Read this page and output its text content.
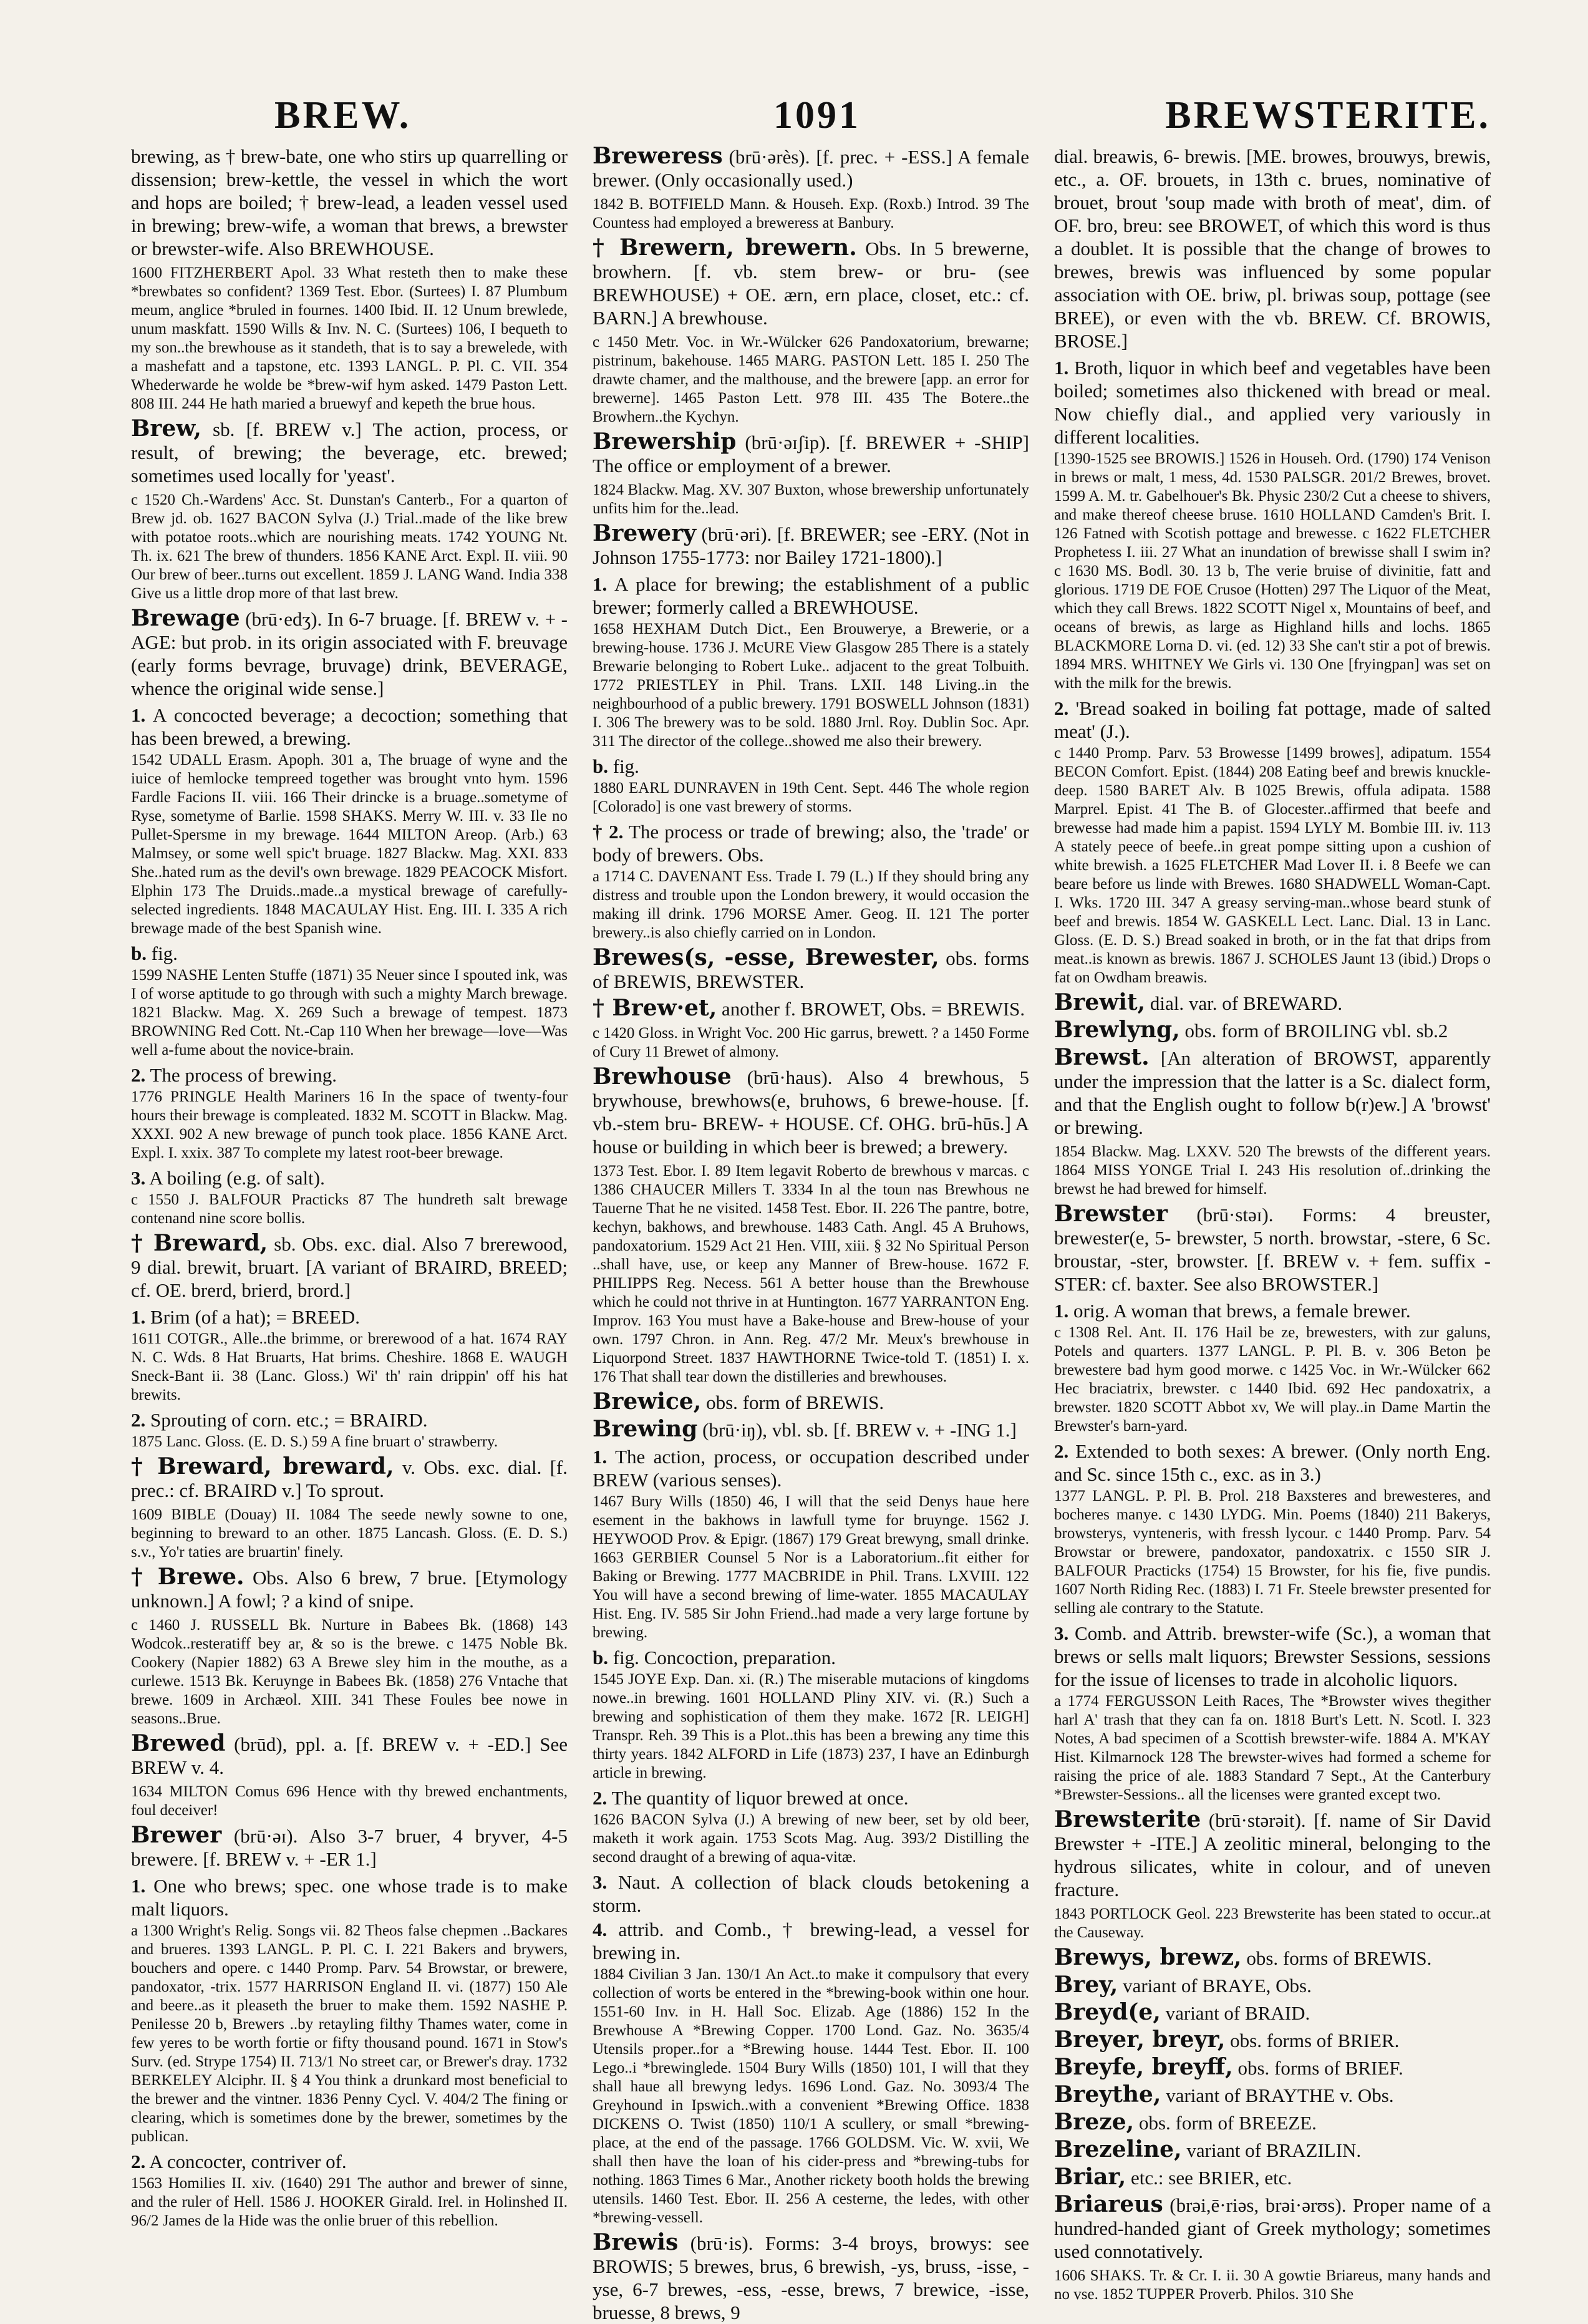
BREW.	1091	BREWSTERITE.

brewing, as † brew-bate, one who stirs up quarrelling or dissension; brew-kettle, the vessel in which the wort and hops are boiled; † brew-lead, a leaden vessel used in brewing; brew-wife, a woman that brews, a brewster or brewster-wife. Also BREWHOUSE.

1600 FITZHERBERT Apol. 33 What resteth then to make these *brewbates so confident? 1369 Test. Ebor. (Surtees) I. 87 Plumbum meum, anglice *bruled in fournes. 1400 Ibid. II. 12 Unum brewlede, unum maskfatt. 1590 Wills & Inv. N. C. (Surtees) 106, I bequeth to my son..the brewhouse as it standeth, that is to say a brewelede, with a mashefatt and a tapstone, etc. 1393 LANGL. P. Pl. C. VII. 354 Whederwarde he wolde be *brew-wif hym asked. 1479 Paston Lett. 808 III. 244 He hath maried a bruewyf and kepeth the brue hous.

Brew, sb. [f. BREW v.] The action, process, or result, of brewing; the beverage, etc. brewed; sometimes used locally for 'yeast'.

c 1520 Ch.-Wardens' Acc. St. Dunstan's Canterb., For a quarton of Brew jd. ob. 1627 BACON Sylva (J.) Trial..made of the like brew with potatoe roots..which are nourishing meats. 1742 YOUNG Nt. Th. ix. 621 The brew of thunders. 1856 KANE Arct. Expl. II. viii. 90 Our brew of beer..turns out excellent. 1859 J. LANG Wand. India 338 Give us a little drop more of that last brew.

Brewage (brū·edʒ). In 6-7 bruage. [f. BREW v. + -AGE: but prob. in its origin associated with F. breuvage (early forms bevrage, bruvage) drink, BEVERAGE, whence the original wide sense.]

1. A concocted beverage; a decoction; something that has been brewed, a brewing.

1542 UDALL Erasm. Apoph. 301 a, The bruage of wyne and the iuice of hemlocke tempreed together was brought vnto hym. 1596 Fardle Facions II. viii. 166 Their drincke is a bruage..sometyme of Ryse, sometyme of Barlie. 1598 SHAKS. Merry W. III. v. 33 Ile no Pullet-Spersme in my brewage. 1644 MILTON Areop. (Arb.) 63 Malmsey, or some well spic't bruage. 1827 Blackw. Mag. XXI. 833 She..hated rum as the devil's own brewage. 1829 PEACOCK Misfort. Elphin 173 The Druids..made..a mystical brewage of carefully-selected ingredients. 1848 MACAULAY Hist. Eng. III. I. 335 A rich brewage made of the best Spanish wine.

b. fig.

1599 NASHE Lenten Stuffe (1871) 35 Neuer since I spouted ink, was I of worse aptitude to go through with such a mighty March brewage. 1821 Blackw. Mag. X. 269 Such a brewage of tempest. 1873 BROWNING Red Cott. Nt.-Cap 110 When her brewage—love—Was well a-fume about the novice-brain.

2. The process of brewing.

1776 PRINGLE Health Mariners 16 In the space of twenty-four hours their brewage is compleated. 1832 M. SCOTT in Blackw. Mag. XXXI. 902 A new brewage of punch took place. 1856 KANE Arct. Expl. I. xxix. 387 To complete my latest root-beer brewage.

3. A boiling (e.g. of salt).

c 1550 J. BALFOUR Practicks 87 The hundreth salt brewage contenand nine score bollis.

† Breward, sb. Obs. exc. dial. Also 7 brerewood, 9 dial. brewit, bruart. [A variant of BRAIRD, BREED; cf. OE. brerd, brierd, brord.]

1. Brim (of a hat); = BREED.

1611 COTGR., Alle..the brimme, or brerewood of a hat. 1674 RAY N. C. Wds. 8 Hat Bruarts, Hat brims. Cheshire. 1868 E. WAUGH Sneck-Bant ii. 38 (Lanc. Gloss.) Wi' th' rain drippin' off his hat brewits.

2. Sprouting of corn. etc.; = BRAIRD.

1875 Lanc. Gloss. (E. D. S.) 59 A fine bruart o' strawberry.

† Breward, breward, v. Obs. exc. dial. [f. prec.: cf. BRAIRD v.] To sprout.

1609 BIBLE (Douay) II. 1084 The seede newly sowne to one, beginning to breward to an other. 1875 Lancash. Gloss. (E. D. S.) s.v., Yo'r taties are bruartin' finely.

† Brewe. Obs. Also 6 brew, 7 brue. [Etymology unknown.] A fowl; ? a kind of snipe.

c 1460 J. RUSSELL Bk. Nurture in Babees Bk. (1868) 143 Wodcok..resteratiff bey ar, & so is the brewe. c 1475 Noble Bk. Cookery (Napier 1882) 63 A Brewe sley him in the mouthe, as a curlewe. 1513 Bk. Keruynge in Babees Bk. (1858) 276 Vntache that brewe. 1609 in Archæol. XIII. 341 These Foules bee nowe in seasons..Brue.

Brewed (brūd), ppl. a. [f. BREW v. + -ED.] See BREW v. 4.

1634 MILTON Comus 696 Hence with thy brewed enchantments, foul deceiver!

Brewer (brū·əɪ). Also 3-7 bruer, 4 bryver, 4-5 brewere. [f. BREW v. + -ER 1.]

1. One who brews; spec. one whose trade is to make malt liquors.

a 1300 Wright's Relig. Songs vii. 82 Theos false chepmen ..Backares and brueres. 1393 LANGL. P. Pl. C. I. 221 Bakers and brywers, bouchers and opere. c 1440 Promp. Parv. 54 Browstar, or brewere, pandoxator, -trix. 1577 HARRISON England II. vi. (1877) 150 Ale and beere..as it pleaseth the bruer to make them. 1592 NASHE P. Penilesse 20 b, Brewers ..by retayling filthy Thames water, come in few yeres to be worth fortie or fifty thousand pound. 1671 in Stow's Surv. (ed. Strype 1754) II. 713/1 No street car, or Brewer's dray. 1732 BERKELEY Alciphr. II. § 4 You think a drunkard most beneficial to the brewer and the vintner. 1836 Penny Cycl. V. 404/2 The fining or clearing, which is sometimes done by the brewer, sometimes by the publican.

2. A concocter, contriver of.

1563 Homilies II. xiv. (1640) 291 The author and brewer of sinne, and the ruler of Hell. 1586 J. HOOKER Girald. Irel. in Holinshed II. 96/2 James de la Hide was the onlie bruer of this rebellion.

Breweress (brū·ərès). [f. prec. + -ESS.] A female brewer. (Only occasionally used.)

1842 B. BOTFIELD Mann. & Househ. Exp. (Roxb.) Introd. 39 The Countess had employed a breweress at Banbury.

† Brewern, brewern. Obs. In 5 brewerne, browhern. [f. vb. stem brew- or bru- (see BREWHOUSE) + OE. ærn, ern place, closet, etc.: cf. BARN.] A brewhouse.

c 1450 Metr. Voc. in Wr.-Wülcker 626 Pandoxatorium, brewarne; pistrinum, bakehouse. 1465 MARG. PASTON Lett. 185 I. 250 The drawte chamer, and the malthouse, and the brewere [app. an error for brewerne]. 1465 Paston Lett. 978 III. 435 The Botere..the Browhern..the Kychyn.

Brewership (brū·əɪʃip). [f. BREWER + -SHIP] The office or employment of a brewer.

1824 Blackw. Mag. XV. 307 Buxton, whose brewership unfortunately unfits him for the..lead.

Brewery (brū·əri). [f. BREWER; see -ERY. (Not in Johnson 1755-1773: nor Bailey 1721-1800).]

1. A place for brewing; the establishment of a public brewer; formerly called a BREWHOUSE.

1658 HEXHAM Dutch Dict., Een Brouwerye, a Brewerie, or a brewing-house. 1736 J. McURE View Glasgow 285 There is a stately Brewarie belonging to Robert Luke.. adjacent to the great Tolbuith. 1772 PRIESTLEY in Phil. Trans. LXII. 148 Living..in the neighbourhood of a public brewery. 1791 BOSWELL Johnson (1831) I. 306 The brewery was to be sold. 1880 Jrnl. Roy. Dublin Soc. Apr. 311 The director of the college..showed me also their brewery.

b. fig.

1880 EARL DUNRAVEN in 19th Cent. Sept. 446 The whole region [Colorado] is one vast brewery of storms.

† 2. The process or trade of brewing; also, the 'trade' or body of brewers. Obs.

a 1714 C. DAVENANT Ess. Trade I. 79 (L.) If they should bring any distress and trouble upon the London brewery, it would occasion the making ill drink. 1796 MORSE Amer. Geog. II. 121 The porter brewery..is also chiefly carried on in London.

Brewes(s, -esse, Brewester, obs. forms of BREWIS, BREWSTER.

† Brew·et, another f. BROWET, Obs. = BREWIS.

c 1420 Gloss. in Wright Voc. 200 Hic garrus, brewett. ? a 1450 Forme of Cury 11 Brewet of almony.

Brewhouse (brū·haus). Also 4 brewhous, 5 brywhouse, brewhows(e, bruhows, 6 brewe-house. [f. vb.-stem bru- BREW- + HOUSE. Cf. OHG. brū-hūs.] A house or building in which beer is brewed; a brewery.

1373 Test. Ebor. I. 89 Item legavit Roberto de brewhous v marcas. c 1386 CHAUCER Millers T. 3334 In al the toun nas Brewhous ne Tauerne That he ne visited. 1458 Test. Ebor. II. 226 The pantre, botre, kechyn, bakhows, and brewhouse. 1483 Cath. Angl. 45 A Bruhows, pandoxatorium. 1529 Act 21 Hen. VIII, xiii. § 32 No Spiritual Person ..shall have, use, or keep any Manner of Brew-house. 1672 F. PHILIPPS Reg. Necess. 561 A better house than the Brewhouse which he could not thrive in at Huntington. 1677 YARRANTON Eng. Improv. 163 You must have a Bake-house and Brew-house of your own. 1797 Chron. in Ann. Reg. 47/2 Mr. Meux's brewhouse in Liquorpond Street. 1837 HAWTHORNE Twice-told T. (1851) I. x. 176 That shall tear down the distilleries and brewhouses.

Brewice, obs. form of BREWIS.

Brewing (brū·iŋ), vbl. sb. [f. BREW v. + -ING 1.]

1. The action, process, or occupation described under BREW (various senses).

1467 Bury Wills (1850) 46, I will that the seid Denys haue here esement in the bakhows in lawfull tyme for bruynge. 1562 J. HEYWOOD Prov. & Epigr. (1867) 179 Great brewyng, small drinke. 1663 GERBIER Counsel 5 Nor is a Laboratorium..fit either for Baking or Brewing. 1777 MACBRIDE in Phil. Trans. LXVIII. 122 You will have a second brewing of lime-water. 1855 MACAULAY Hist. Eng. IV. 585 Sir John Friend..had made a very large fortune by brewing.

b. fig. Concoction, preparation.

1545 JOYE Exp. Dan. xi. (R.) The miserable mutacions of kingdoms nowe..in brewing. 1601 HOLLAND Pliny XIV. vi. (R.) Such a brewing and sophistication of them they make. 1672 [R. LEIGH] Transpr. Reh. 39 This is a Plot..this has been a brewing any time this thirty years. 1842 ALFORD in Life (1873) 237, I have an Edinburgh article in brewing.

2. The quantity of liquor brewed at once.

1626 BACON Sylva (J.) A brewing of new beer, set by old beer, maketh it work again. 1753 Scots Mag. Aug. 393/2 Distilling the second draught of a brewing of aqua-vitæ.

3. Naut. A collection of black clouds betokening a storm.

4. attrib. and Comb., † brewing-lead, a vessel for brewing in.

1884 Civilian 3 Jan. 130/1 An Act..to make it compulsory that every collection of worts be entered in the *brewing-book within one hour. 1551-60 Inv. in H. Hall Soc. Elizab. Age (1886) 152 In the Brewhouse A *Brewing Copper. 1700 Lond. Gaz. No. 3635/4 Utensils proper..for a *Brewing house. 1444 Test. Ebor. II. 100 Lego..i *brewinglede. 1504 Bury Wills (1850) 101, I will that they shall haue all brewyng ledys. 1696 Lond. Gaz. No. 3093/4 The Greyhound in Ipswich..with a convenient *Brewing Office. 1838 DICKENS O. Twist (1850) 110/1 A scullery, or small *brewing-place, at the end of the passage. 1766 GOLDSM. Vic. W. xvii, We shall then have the loan of his cider-press and *brewing-tubs for nothing. 1863 Times 6 Mar., Another rickety booth holds the brewing utensils. 1460 Test. Ebor. II. 256 A cesterne, the ledes, with other *brewing-vessell.

Brewis (brū·is). Forms: 3-4 broys, browys: see BROWIS; 5 brewes, brus, 6 brewish, -ys, bruss, -isse, -yse, 6-7 brewes, -ess, -esse, brews, 7 brewice, -isse, bruesse, 8 brews, 9

dial. breawis, 6- brewis. [ME. browes, brouwys, brewis, etc., a. OF. brouets, in 13th c. brues, nominative of brouet, brout 'soup made with broth of meat', dim. of OF. bro, breu: see BROWET, of which this word is thus a doublet. It is possible that the change of browes to brewes, brewis was influenced by some popular association with OE. briw, pl. briwas soup, pottage (see BREE), or even with the vb. BREW. Cf. BROWIS, BROSE.]

1. Broth, liquor in which beef and vegetables have been boiled; sometimes also thickened with bread or meal. Now chiefly dial., and applied very variously in different localities.

[1390-1525 see BROWIS.] 1526 in Househ. Ord. (1790) 174 Venison in brews or malt, 1 mess, 4d. 1530 PALSGR. 201/2 Brewes, brovet. 1599 A. M. tr. Gabelhouer's Bk. Physic 230/2 Cut a cheese to shivers, and make thereof cheese bruse. 1610 HOLLAND Camden's Brit. I. 126 Fatned with Scotish pottage and brewesse. c 1622 FLETCHER Prophetess I. iii. 27 What an inundation of brewisse shall I swim in? c 1630 MS. Bodl. 30. 13 b, The verie bruise of divinitie, fatt and glorious. 1719 DE FOE Crusoe (Hotten) 297 The Liquor of the Meat, which they call Brews. 1822 SCOTT Nigel x, Mountains of beef, and oceans of brewis, as large as Highland hills and lochs. 1865 BLACKMORE Lorna D. vi. (ed. 12) 33 She can't stir a pot of brewis. 1894 MRS. WHITNEY We Girls vi. 130 One [fryingpan] was set on with the milk for the brewis.

2. 'Bread soaked in boiling fat pottage, made of salted meat' (J.).

c 1440 Promp. Parv. 53 Browesse [1499 browes], adipatum. 1554 BECON Comfort. Epist. (1844) 208 Eating beef and brewis knuckle-deep. 1580 BARET Alv. B 1025 Brewis, offula adipata. 1588 Marprel. Epist. 41 The B. of Glocester..affirmed that beefe and brewesse had made him a papist. 1594 LYLY M. Bombie III. iv. 113 A stately peece of beefe..in great pompe sitting upon a cushion of white brewish. a 1625 FLETCHER Mad Lover II. i. 8 Beefe we can beare before us linde with Brewes. 1680 SHADWELL Woman-Capt. I. Wks. 1720 III. 347 A greasy serving-man..whose beard stunk of beef and brewis. 1854 W. GASKELL Lect. Lanc. Dial. 13 in Lanc. Gloss. (E. D. S.) Bread soaked in broth, or in the fat that drips from meat..is known as brewis. 1867 J. SCHOLES Jaunt 13 (ibid.) Drops o fat on Owdham breawis.

Brewit, dial. var. of BREWARD.

Brewlyng, obs. form of BROILING vbl. sb.2

Brewst. [An alteration of BROWST, apparently under the impression that the latter is a Sc. dialect form, and that the English ought to follow b(r)ew.] A 'browst' or brewing.

1854 Blackw. Mag. LXXV. 520 The brewsts of the different years. 1864 MISS YONGE Trial I. 243 His resolution of..drinking the brewst he had brewed for himself.

Brewster (brū·stəɪ). Forms: 4 breuster, brewester(e, 5- brewster, 5 north. browstar, -stere, 6 Sc. broustar, -ster, browster. [f. BREW v. + fem. suffix -STER: cf. baxter. See also BROWSTER.]

1. orig. A woman that brews, a female brewer.

c 1308 Rel. Ant. II. 176 Hail be ze, brewesters, with zur galuns, Potels and quarters. 1377 LANGL. P. Pl. B. v. 306 Beton þe brewestere bad hym good morwe. c 1425 Voc. in Wr.-Wülcker 662 Hec braciatrix, brewster. c 1440 Ibid. 692 Hec pandoxatrix, a brewster. 1820 SCOTT Abbot xv, We will play..in Dame Martin the Brewster's barn-yard.

2. Extended to both sexes: A brewer. (Only north Eng. and Sc. since 15th c., exc. as in 3.)

1377 LANGL. P. Pl. B. Prol. 218 Baxsteres and brewesteres, and bocheres manye. c 1430 LYDG. Min. Poems (1840) 211 Bakerys, browsterys, vynteneris, with fressh lycour. c 1440 Promp. Parv. 54 Browstar or brewere, pandoxator, pandoxatrix. c 1550 SIR J. BALFOUR Practicks (1754) 15 Browster, for his fie, five pundis. 1607 North Riding Rec. (1883) I. 71 Fr. Steele brewster presented for selling ale contrary to the Statute.

3. Comb. and Attrib. brewster-wife (Sc.), a woman that brews or sells malt liquors; Brewster Sessions, sessions for the issue of licenses to trade in alcoholic liquors.

a 1774 FERGUSSON Leith Races, The *Browster wives thegither harl A' trash that they can fa on. 1818 Burt's Lett. N. Scotl. I. 323 Notes, A bad specimen of a Scottish brewster-wife. 1884 A. M'KAY Hist. Kilmarnock 128 The brewster-wives had formed a scheme for raising the price of ale. 1883 Standard 7 Sept., At the Canterbury *Brewster-Sessions.. all the licenses were granted except two.

Brewsterite (brū·stərəit). [f. name of Sir David Brewster + -ITE.] A zeolitic mineral, belonging to the hydrous silicates, white in colour, and of uneven fracture.

1843 PORTLOCK Geol. 223 Brewsterite has been stated to occur..at the Causeway.

Brewys, brewz, obs. forms of BREWIS.

Brey, variant of BRAYE, Obs.

Breyd(e, variant of BRAID.

Breyer, breyr, obs. forms of BRIER.

Breyfe, breyff, obs. forms of BRIEF.

Breythe, variant of BRAYTHE v. Obs.

Breze, obs. form of BREEZE.

Brezeline, variant of BRAZILIN.

Briar, etc.: see BRIER, etc.

Briareus (brəi,ē·riǝs, brəi·ǝrʊs). Proper name of a hundred-handed giant of Greek mythology; sometimes used connotatively.

1606 SHAKS. Tr. & Cr. I. ii. 30 A gowtie Briareus, many hands and no vse. 1852 TUPPER Proverb. Philos. 310 She
